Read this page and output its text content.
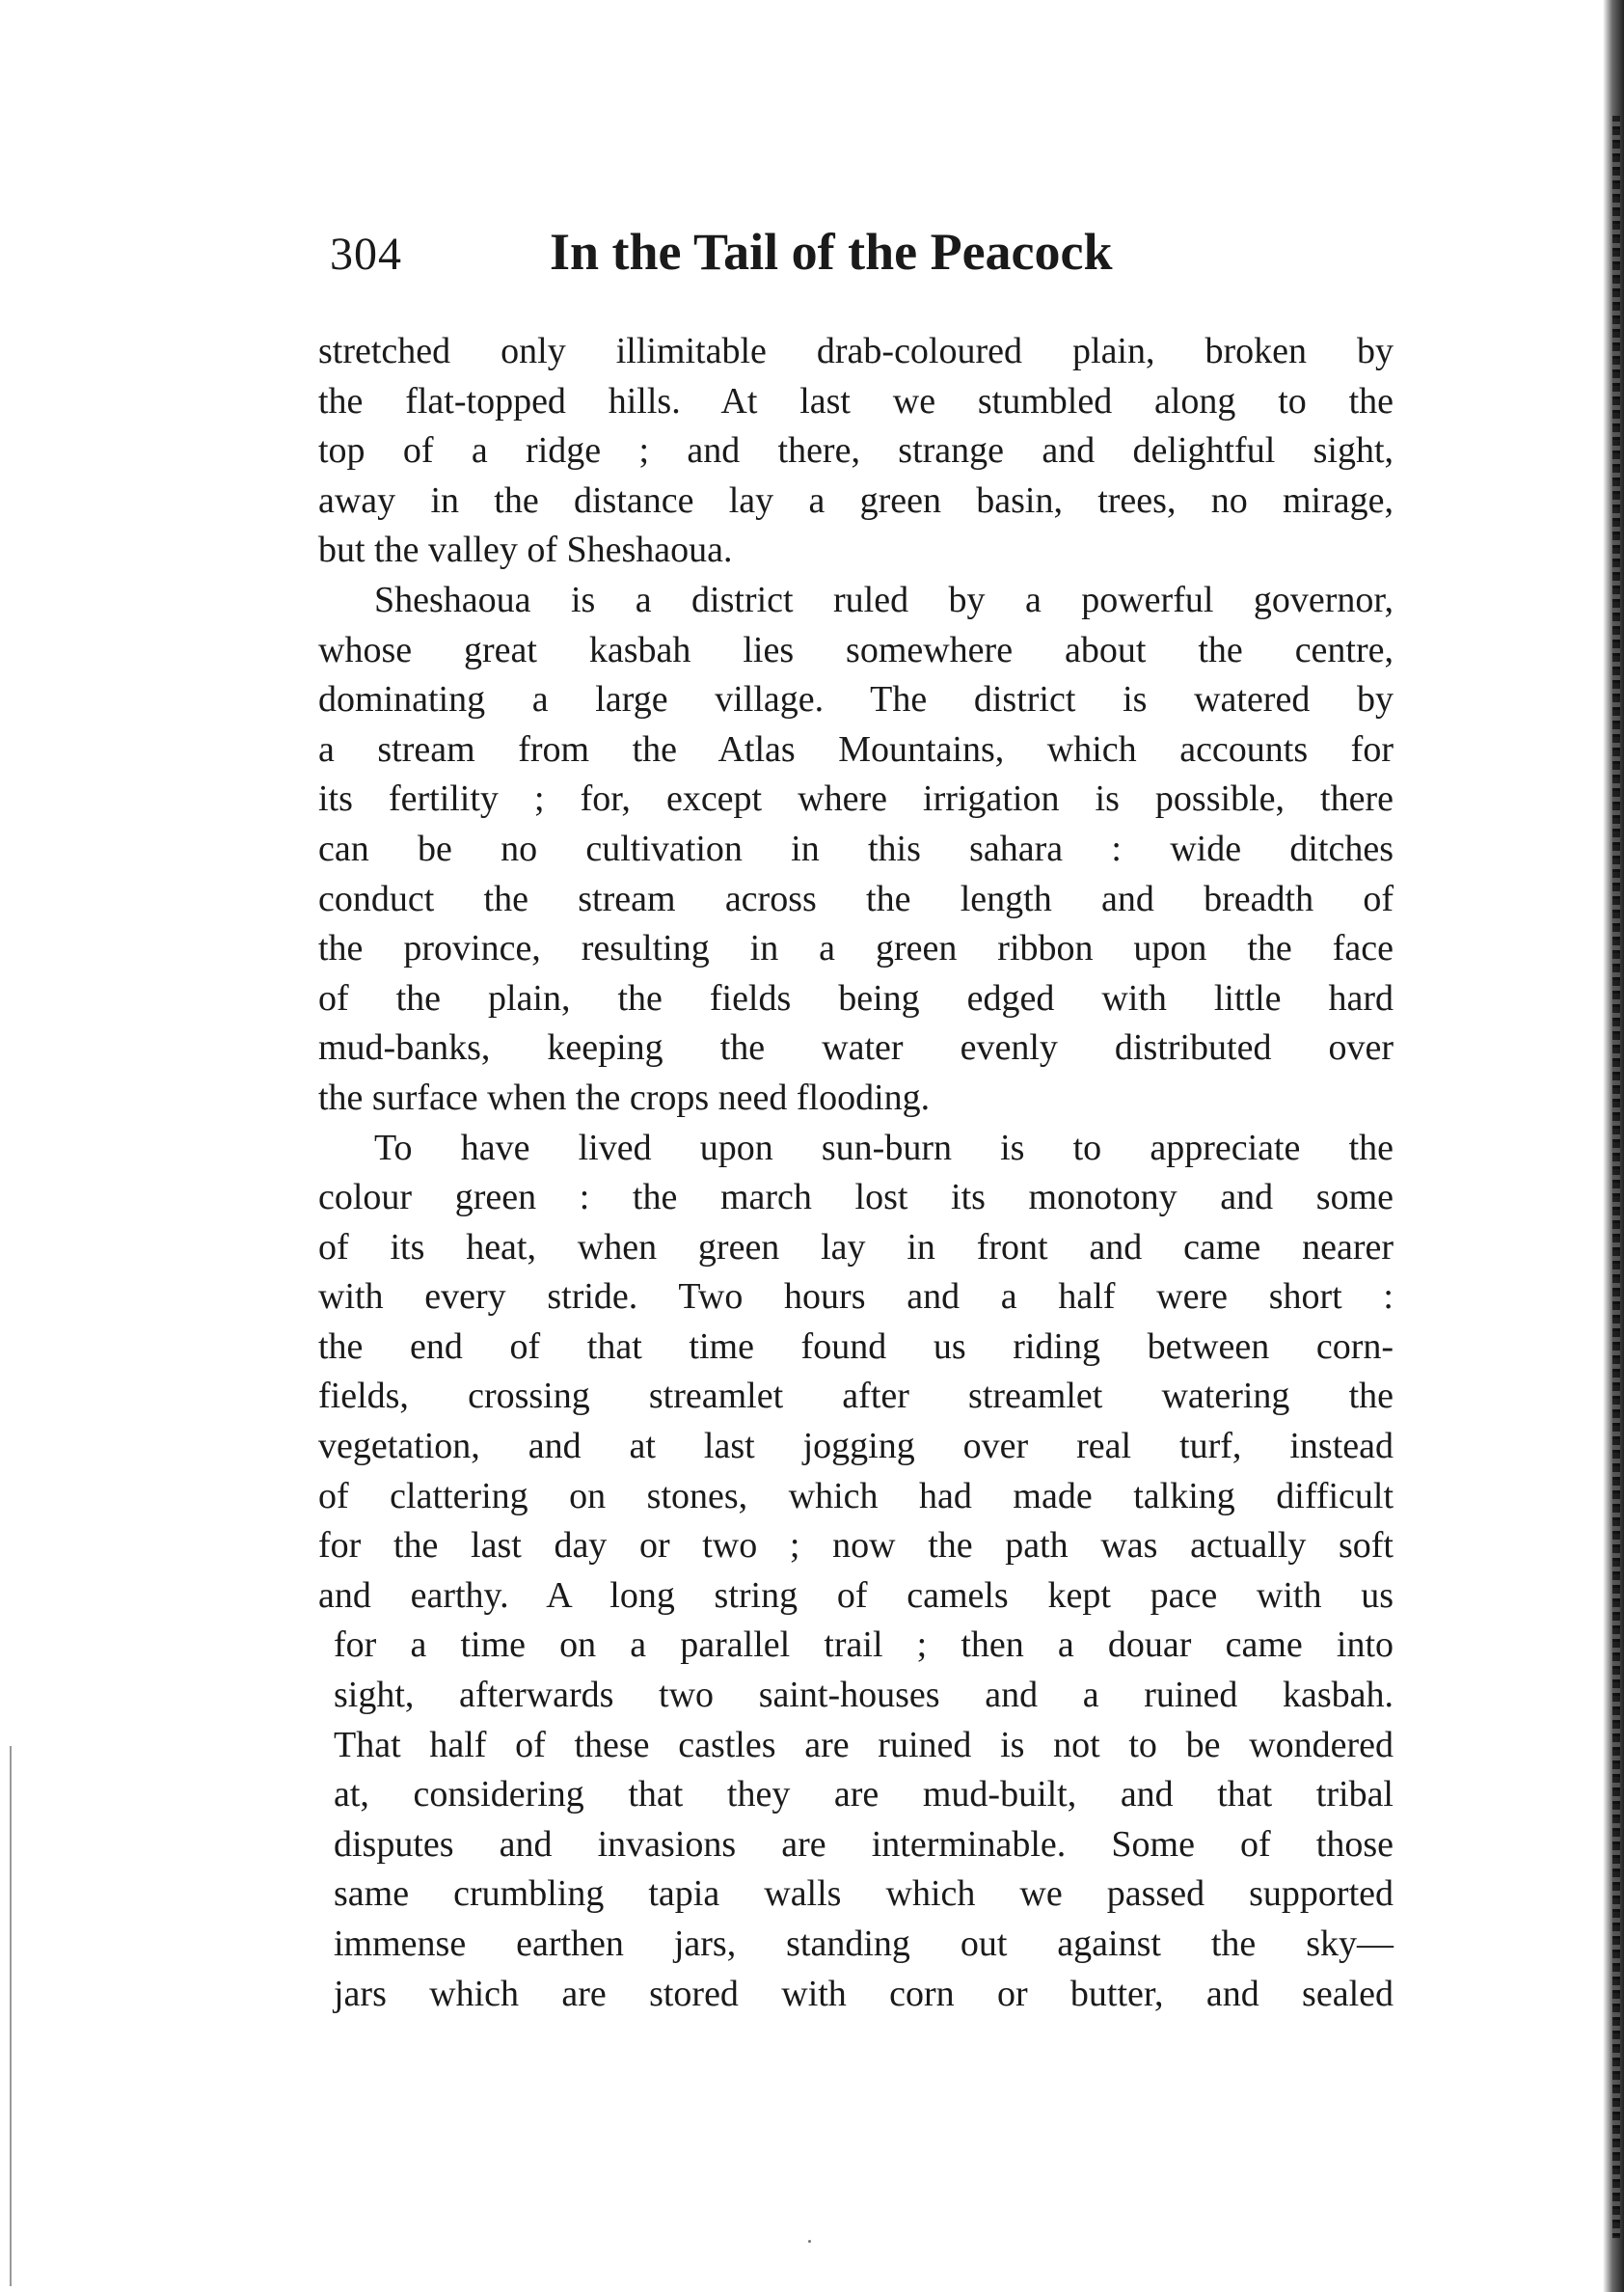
304	In the Tail of the Peacock
stretched only illimitable drab-coloured plain, broken by
the flat-topped hills. At last we stumbled along to the
top of a ridge ; and there, strange and delightful sight,
away in the distance lay a green basin, trees, no mirage,
but the valley of Sheshaoua.
Sheshaoua is a district ruled by a powerful governor,
whose great kasbah lies somewhere about the centre,
dominating a large village. The district is watered by
a stream from the Atlas Mountains, which accounts for
its fertility ; for, except where irrigation is possible, there
can be no cultivation in this sahara : wide ditches
conduct the stream across the length and breadth of
the province, resulting in a green ribbon upon the face
of the plain, the fields being edged with little hard
mud-banks, keeping the water evenly distributed over
the surface when the crops need flooding.
To have lived upon sun-burn is to appreciate the
colour green : the march lost its monotony and some
of its heat, when green lay in front and came nearer
with every stride. Two hours and a half were short :
the end of that time found us riding between corn-
fields, crossing streamlet after streamlet watering the
vegetation, and at last jogging over real turf, instead
of clattering on stones, which had made talking difficult
for the last day or two ; now the path was actually soft
and earthy. A long string of camels kept pace with us
for a time on a parallel trail ; then a douar came into
sight, afterwards two saint-houses and a ruined kasbah.
That half of these castles are ruined is not to be wondered
at, considering that they are mud-built, and that tribal
disputes and invasions are interminable. Some of those
same crumbling tapia walls which we passed supported
immense earthen jars, standing out against the sky—
jars which are stored with corn or butter, and sealed
